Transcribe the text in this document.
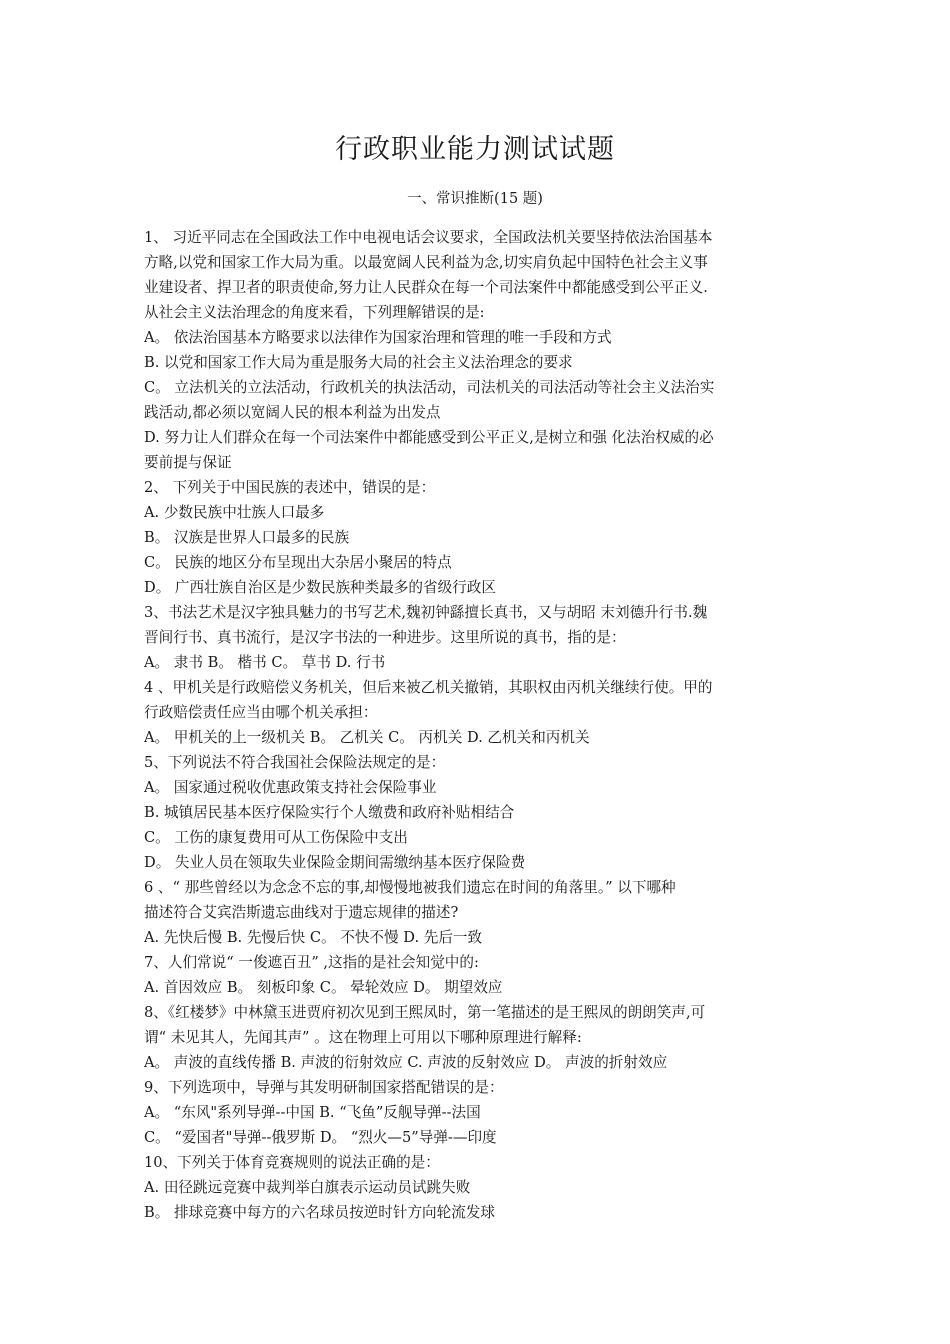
行政职业能力测试试题
一、常识推断(15 题)
1、 习近平同志在全国政法工作中电视电话会议要求，全国政法机关要坚持依法治国基本
方略,以党和国家工作大局为重。以最宽阔人民利益为念,切实肩负起中国特色社会主义事
业建设者、捍卫者的职责使命,努力让人民群众在每一个司法案件中都能感受到公平正义.
从社会主义法治理念的角度来看，下列理解错误的是:
A。 依法治国基本方略要求以法律作为国家治理和管理的唯一手段和方式
B. 以党和国家工作大局为重是服务大局的社会主义法治理念的要求
C。 立法机关的立法活动，行政机关的执法活动，司法机关的司法活动等社会主义法治实
践活动,都必须以宽阔人民的根本利益为出发点
D. 努力让人们群众在每一个司法案件中都能感受到公平正义,是树立和强 化法治权威的必
要前提与保证
2、 下列关于中国民族的表述中，错误的是：
A. 少数民族中壮族人口最多
B。 汉族是世界人口最多的民族
C。 民族的地区分布呈现出大杂居小聚居的特点
D。 广西壮族自治区是少数民族种类最多的省级行政区
3、书法艺术是汉字独具魅力的书写艺术,魏初钟繇擅长真书，又与胡昭 末刘德升行书.魏
晋间行书、真书流行，是汉字书法的一种进步。这里所说的真书，指的是：
A。 隶书 B。 楷书 C。 草书 D. 行书
4 、甲机关是行政赔偿义务机关，但后来被乙机关撤销，其职权由丙机关继续行使。甲的
行政赔偿责任应当由哪个机关承担：
A。 甲机关的上一级机关 B。 乙机关 C。 丙机关 D. 乙机关和丙机关
5、下列说法不符合我国社会保险法规定的是：
A。 国家通过税收优惠政策支持社会保险事业
B. 城镇居民基本医疗保险实行个人缴费和政府补贴相结合
C。 工伤的康复费用可从工伤保险中支出
D。 失业人员在领取失业保险金期间需缴纳基本医疗保险费
6 、“ 那些曾经以为念念不忘的事,却慢慢地被我们遗忘在时间的角落里。” 以下哪种
描述符合艾宾浩斯遗忘曲线对于遗忘规律的描述?
A. 先快后慢 B. 先慢后快 C。 不快不慢 D. 先后一致
7、人们常说“ 一俊遮百丑” ,这指的是社会知觉中的:
A. 首因效应 B。 刻板印象 C。 晕轮效应 D。 期望效应
8、《红楼梦》中林黛玉进贾府初次见到王熙凤时，第一笔描述的是王熙凤的朗朗笑声,可
谓“ 未见其人，先闻其声” 。这在物理上可用以下哪种原理进行解释:
A。 声波的直线传播 B. 声波的衍射效应 C. 声波的反射效应 D。 声波的折射效应
9、下列选项中，导弹与其发明研制国家搭配错误的是：
A。 “东风"系列导弹--中国 B. “飞鱼”反舰导弹--法国
C。 “爱国者"导弹--俄罗斯 D。 “烈火—5”导弹-—印度
10、下列关于体育竞赛规则的说法正确的是：
A. 田径跳远竞赛中裁判举白旗表示运动员试跳失败
B。 排球竞赛中每方的六名球员按逆时针方向轮流发球
